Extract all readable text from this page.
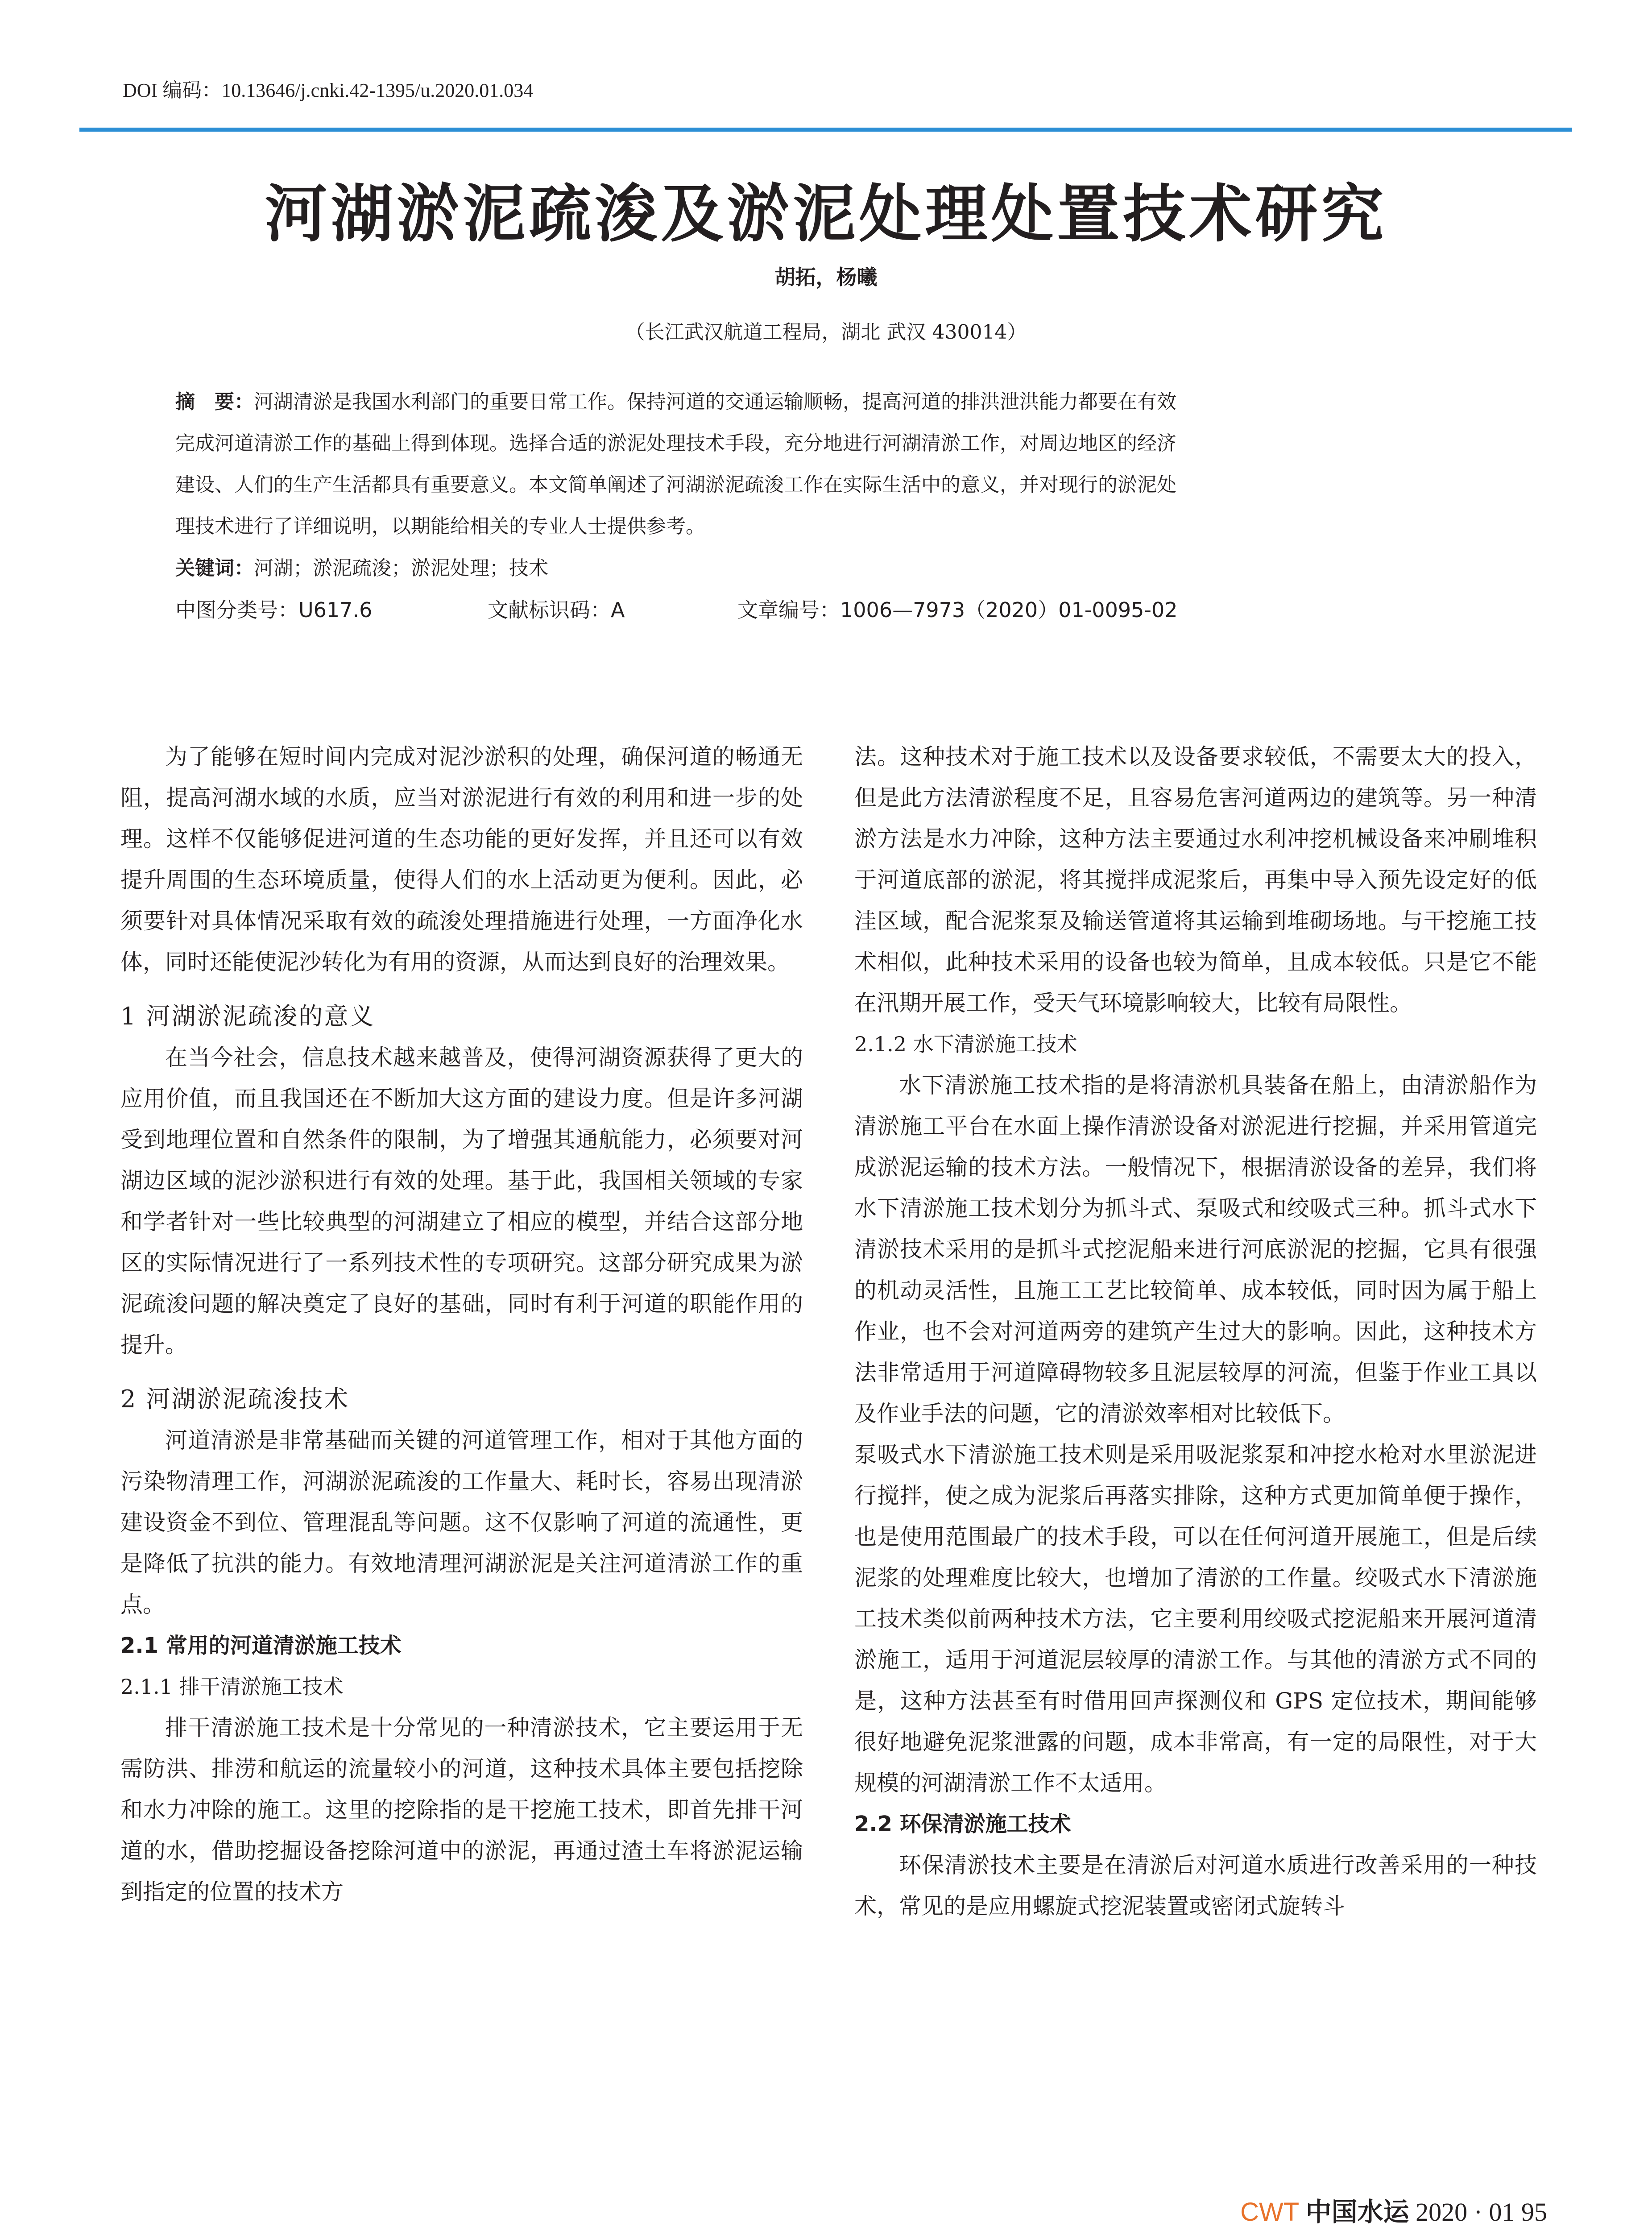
DOI 编码：10.13646/j.cnki.42-1395/u.2020.01.034
河湖淤泥疏浚及淤泥处理处置技术研究
胡拓，杨曦
（长江武汉航道工程局，湖北 武汉 430014）
摘　要：河湖清淤是我国水利部门的重要日常工作。保持河道的交通运输顺畅，提高河道的排洪泄洪能力都要在有效
完成河道清淤工作的基础上得到体现。选择合适的淤泥处理技术手段，充分地进行河湖清淤工作，对周边地区的经济
建设、人们的生产生活都具有重要意义。本文简单阐述了河湖淤泥疏浚工作在实际生活中的意义，并对现行的淤泥处
理技术进行了详细说明，以期能给相关的专业人士提供参考。
关键词：河湖；淤泥疏浚；淤泥处理；技术
中图分类号：U617.6	文献标识码：A	文章编号：1006—7973（2020）01-0095-02

为了能够在短时间内完成对泥沙淤积的处理，确保河道的畅通无阻，提高河湖水域的水质，应当对淤泥进行有效的利用和进一步的处理。这样不仅能够促进河道的生态功能的更好发挥，并且还可以有效提升周围的生态环境质量，使得人们的水上活动更为便利。因此，必须要针对具体情况采取有效的疏浚处理措施进行处理，一方面净化水体，同时还能使泥沙转化为有用的资源，从而达到良好的治理效果。

1 河湖淤泥疏浚的意义

在当今社会，信息技术越来越普及，使得河湖资源获得了更大的应用价值，而且我国还在不断加大这方面的建设力度。但是许多河湖受到地理位置和自然条件的限制，为了增强其通航能力，必须要对河湖边区域的泥沙淤积进行有效的处理。基于此，我国相关领域的专家和学者针对一些比较典型的河湖建立了相应的模型，并结合这部分地区的实际情况进行了一系列技术性的专项研究。这部分研究成果为淤泥疏浚问题的解决奠定了良好的基础，同时有利于河道的职能作用的提升。

2 河湖淤泥疏浚技术

河道清淤是非常基础而关键的河道管理工作，相对于其他方面的污染物清理工作，河湖淤泥疏浚的工作量大、耗时长，容易出现清淤建设资金不到位、管理混乱等问题。这不仅影响了河道的流通性，更是降低了抗洪的能力。有效地清理河湖淤泥是关注河道清淤工作的重点。

2.1 常用的河道清淤施工技术
2.1.1 排干清淤施工技术

排干清淤施工技术是十分常见的一种清淤技术，它主要运用于无需防洪、排涝和航运的流量较小的河道，这种技术具体主要包括挖除和水力冲除的施工。这里的挖除指的是干挖施工技术，即首先排干河道的水，借助挖掘设备挖除河道中的淤泥，再通过渣土车将淤泥运输到指定的位置的技术方

法。这种技术对于施工技术以及设备要求较低，不需要太大的投入，但是此方法清淤程度不足，且容易危害河道两边的建筑等。另一种清淤方法是水力冲除，这种方法主要通过水利冲挖机械设备来冲刷堆积于河道底部的淤泥，将其搅拌成泥浆后，再集中导入预先设定好的低洼区域，配合泥浆泵及输送管道将其运输到堆砌场地。与干挖施工技术相似，此种技术采用的设备也较为简单，且成本较低。只是它不能在汛期开展工作，受天气环境影响较大，比较有局限性。

2.1.2 水下清淤施工技术

水下清淤施工技术指的是将清淤机具装备在船上，由清淤船作为清淤施工平台在水面上操作清淤设备对淤泥进行挖掘，并采用管道完成淤泥运输的技术方法。一般情况下，根据清淤设备的差异，我们将水下清淤施工技术划分为抓斗式、泵吸式和绞吸式三种。抓斗式水下清淤技术采用的是抓斗式挖泥船来进行河底淤泥的挖掘，它具有很强的机动灵活性，且施工工艺比较简单、成本较低，同时因为属于船上作业，也不会对河道两旁的建筑产生过大的影响。因此，这种技术方法非常适用于河道障碍物较多且泥层较厚的河流，但鉴于作业工具以及作业手法的问题，它的清淤效率相对比较低下。

泵吸式水下清淤施工技术则是采用吸泥浆泵和冲挖水枪对水里淤泥进行搅拌，使之成为泥浆后再落实排除，这种方式更加简单便于操作，也是使用范围最广的技术手段，可以在任何河道开展施工，但是后续泥浆的处理难度比较大，也增加了清淤的工作量。绞吸式水下清淤施工技术类似前两种技术方法，它主要利用绞吸式挖泥船来开展河道清淤施工，适用于河道泥层较厚的清淤工作。与其他的清淤方式不同的是，这种方法甚至有时借用回声探测仪和 GPS 定位技术，期间能够很好地避免泥浆泄露的问题，成本非常高，有一定的局限性，对于大规模的河湖清淤工作不太适用。

2.2 环保清淤施工技术

环保清淤技术主要是在清淤后对河道水质进行改善采用的一种技术，常见的是应用螺旋式挖泥装置或密闭式旋转斗

CWT 中国水运 2020 · 01 95
